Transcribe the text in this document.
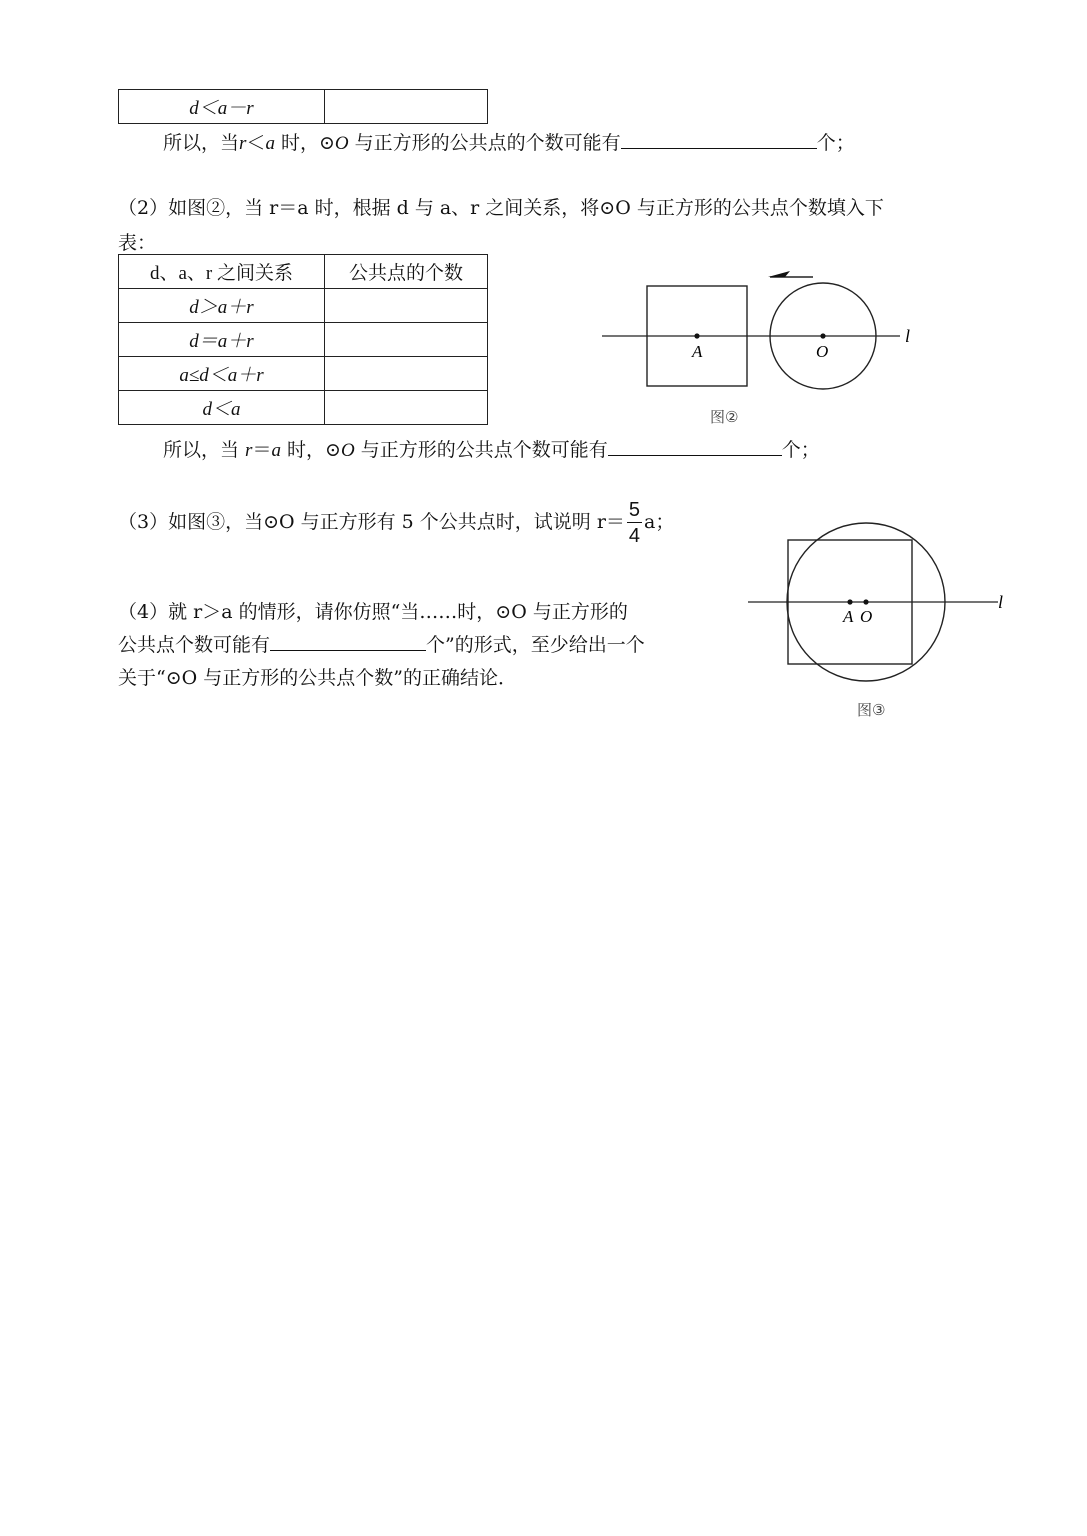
d＜a－r	
所以，当r＜a 时，⊙O 与正方形的公共点的个数可能有	个；
（2）如图②，当 r＝a 时，根据 d 与 a、r 之间关系，将⊙O 与正方形的公共点个数填入下
表：
d、a、r 之间关系	公共点的个数
d＞a＋r	
d＝a＋r	
a≤d＜a＋r	
d＜a	
A	O
l
图②
所以，当 r＝a 时，⊙O 与正方形的公共点个数可能有	个；
（3）如图③，当⊙O 与正方形有 5 个公共点时，试说明 $r= \frac{5}{4}$ a；
A O
l
图③
（4）就 r＞a 的情形，请你仿照“当……时，⊙O 与正方形的
公共点个数可能有	个”的形式，至少给出一个
关于“⊙O 与正方形的公共点个数”的正确结论．
